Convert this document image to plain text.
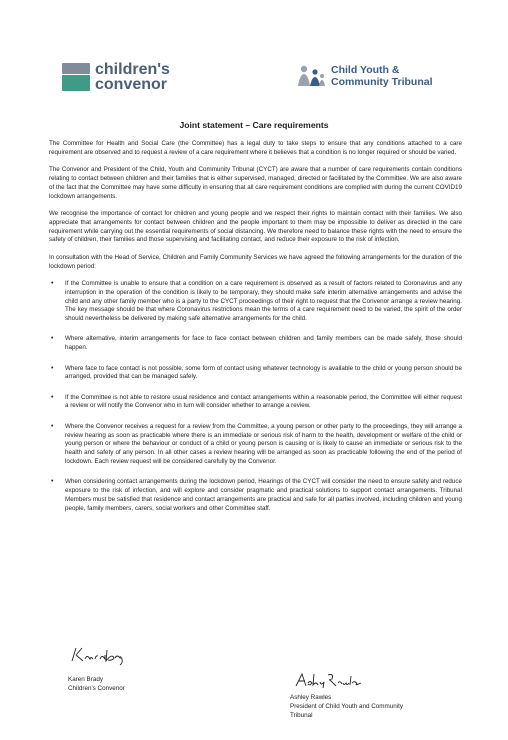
children's
convenor
Child Youth &
Community Tribunal
Joint statement – Care requirements

The Committee for Health and Social Care (the Committee) has a legal duty to take steps to ensure that any conditions attached to a care requirement are observed and to request a review of a care requirement where it believes that a condition is no longer required or should be varied.

The Convenor and President of the Child, Youth and Community Tribunal (CYCT) are aware that a number of care requirements contain conditions relating to contact between children and their families that is either supervised, managed, directed or facilitated by the Committee. We are also aware of the fact that the Committee may have some difficulty in ensuring that all care requirement conditions are complied with during the current COVID19 lockdown arrangements.

We recognise the importance of contact for children and young people and we respect their rights to maintain contact with their families. We also appreciate that arrangements for contact between children and the people important to them may be impossible to deliver as directed in the care requirement while carrying out the essential requirements of social distancing. We therefore need to balance these rights with the need to ensure the safety of children, their families and those supervising and facilitating contact, and reduce their exposure to the risk of infection.

In consultation with the Head of Service, Children and Family Community Services we have agreed the following arrangements for the duration of the lockdown period:

• If the Committee is unable to ensure that a condition on a care requirement is observed as a result of factors related to Coronavirus and any interruption in the operation of the condition is likely to be temporary, they should make safe interim alternative arrangements and advise the child and any other family member who is a party to the CYCT proceedings of their right to request that the Convenor arrange a review hearing. The key message should be that where Coronavirus restrictions mean the terms of a care requirement need to be varied, the spirit of the order should nevertheless be delivered by making safe alternative arrangements for the child.
• Where alternative, interim arrangements for face to face contact between children and family members can be made safely, those should happen.
• Where face to face contact is not possible, some form of contact using whatever technology is available to the child or young person should be arranged, provided that can be managed safely.
• If the Committee is not able to restore usual residence and contact arrangements within a reasonable period, the Committee will either request a review or will notify the Convenor who in turn will consider whether to arrange a review.
• Where the Convenor receives a request for a review from the Committee, a young person or other party to the proceedings, they will arrange a review hearing as soon as practicable where there is an immediate or serious risk of harm to the health, development or welfare of the child or young person or where the behaviour or conduct of a child or young person is causing or is likely to cause an immediate or serious risk to the health and safety of any person. In all other cases a review hearing will be arranged as soon as practicable following the end of the period of lockdown. Each review request will be considered carefully by the Convenor.
• When considering contact arrangements during the lockdown period, Hearings of the CYCT will consider the need to ensure safety and reduce exposure to the risk of infection, and will explore and consider pragmatic and practical solutions to support contact arrangements. Tribunal Members must be satisfied that residence and contact arrangements are practical and safe for all parties involved, including children and young people, family members, carers, social workers and other Committee staff.
Karen Brady
Children's Convenor
Ashley Rawles
President of Child Youth and Community
Tribunal
